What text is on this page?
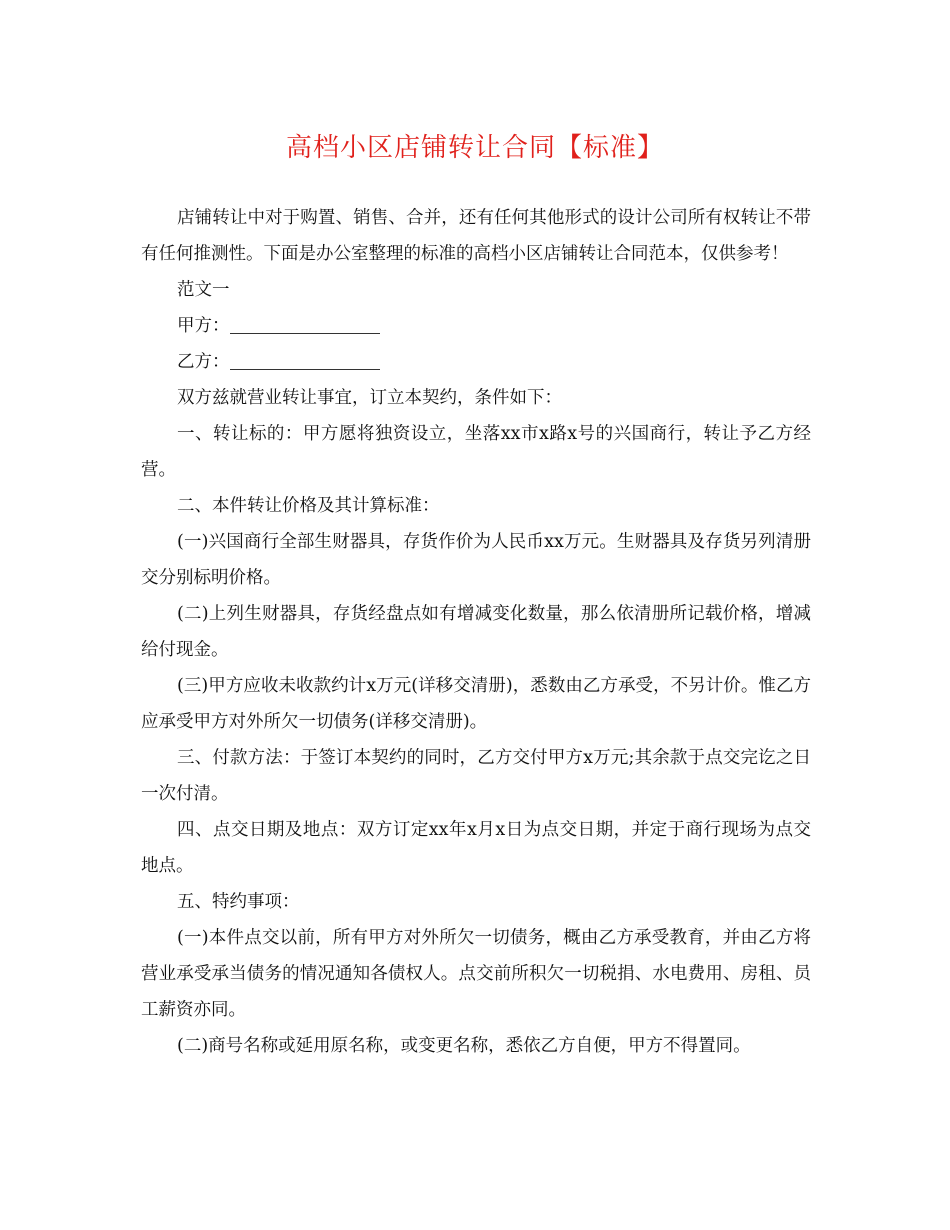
高档小区店铺转让合同【标准】

店铺转让中对于购置、销售、合并，还有任何其他形式的设计公司所有权转让不带有任何推测性。下面是办公室整理的标准的高档小区店铺转让合同范本，仅供参考！

范文一

甲方：

乙方：

双方兹就营业转让事宜，订立本契约，条件如下：

一、转让标的：甲方愿将独资设立，坐落xx市x路x号的兴国商行，转让予乙方经营。

二、本件转让价格及其计算标准：

(一)兴国商行全部生财器具，存货作价为人民币xx万元。生财器具及存货另列清册交分别标明价格。

(二)上列生财器具，存货经盘点如有增减变化数量，那么依清册所记载价格，增减给付现金。

(三)甲方应收未收款约计x万元(详移交清册)，悉数由乙方承受，不另计价。惟乙方应承受甲方对外所欠一切债务(详移交清册)。

三、付款方法：于签订本契约的同时，乙方交付甲方x万元;其余款于点交完讫之日一次付清。

四、点交日期及地点：双方订定xx年x月x日为点交日期，并定于商行现场为点交地点。

五、特约事项：

(一)本件点交以前，所有甲方对外所欠一切债务，概由乙方承受教育，并由乙方将营业承受承当债务的情况通知各债权人。点交前所积欠一切税捐、水电费用、房租、员工薪资亦同。

(二)商号名称或延用原名称，或变更名称，悉依乙方自便，甲方不得置同。
